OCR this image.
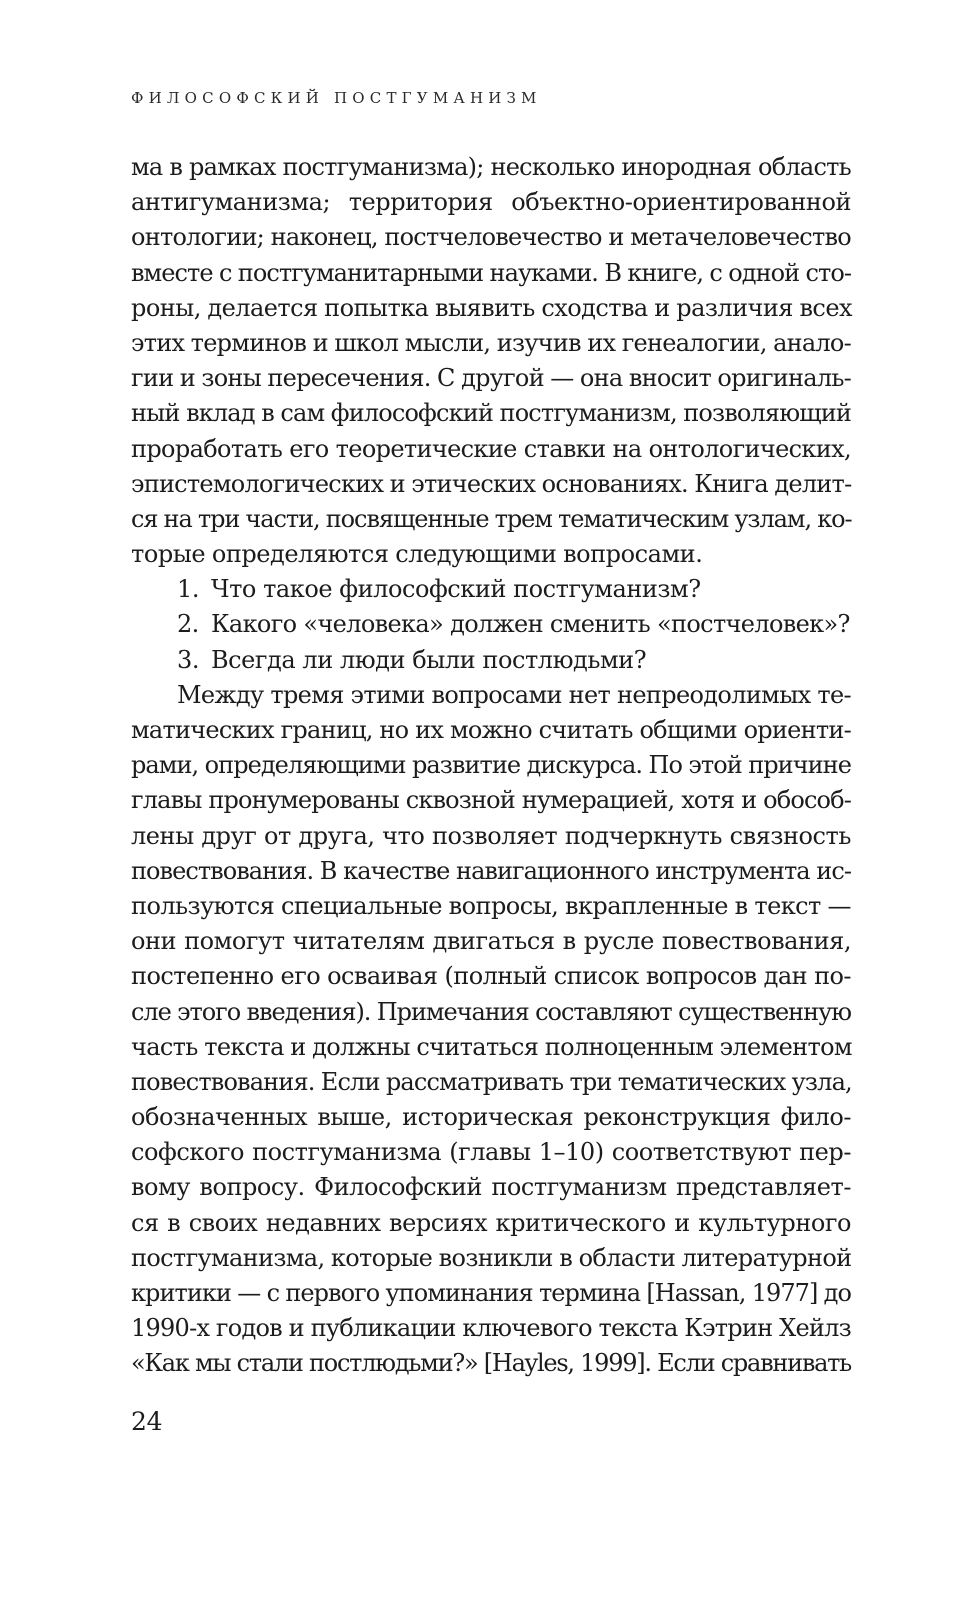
ФИЛОСОФСКИЙ ПОСТГУМАНИЗМ
ма в рамках постгуманизма); несколько инородная область
антигуманизма; территория объектно-ориентированной
онтологии; наконец, постчеловечество и метачеловечество
вместе с постгуманитарными науками. В книге, с одной сто-
роны, делается попытка выявить сходства и различия всех
этих терминов и школ мысли, изучив их генеалогии, анало-
гии и зоны пересечения. С другой — она вносит оригиналь-
ный вклад в сам философский постгуманизм, позволяющий
проработать его теоретические ставки на онтологических,
эпистемологических и этических основаниях. Книга делит-
ся на три части, посвященные трем тематическим узлам, ко-
торые определяются следующими вопросами.
1. Что такое философский постгуманизм?
2. Какого «человека» должен сменить «постчеловек»?
3. Всегда ли люди были постлюдьми?
Между тремя этими вопросами нет непреодолимых те-
матических границ, но их можно считать общими ориенти-
рами, определяющими развитие дискурса. По этой причине
главы пронумерованы сквозной нумерацией, хотя и обособ-
лены друг от друга, что позволяет подчеркнуть связность
повествования. В качестве навигационного инструмента ис-
пользуются специальные вопросы, вкрапленные в текст —
они помогут читателям двигаться в русле повествования,
постепенно его осваивая (полный список вопросов дан по-
сле этого введения). Примечания составляют существенную
часть текста и должны считаться полноценным элементом
повествования. Если рассматривать три тематических узла,
обозначенных выше, историческая реконструкция фило-
софского постгуманизма (главы 1–10) соответствуют пер-
вому вопросу. Философский постгуманизм представляет-
ся в своих недавних версиях критического и культурного
постгуманизма, которые возникли в области литературной
критики — с первого упоминания термина [Hassan, 1977] до
1990-х годов и публикации ключевого текста Кэтрин Хейлз
«Как мы стали постлюдьми?» [Hayles, 1999]. Если сравнивать
24
